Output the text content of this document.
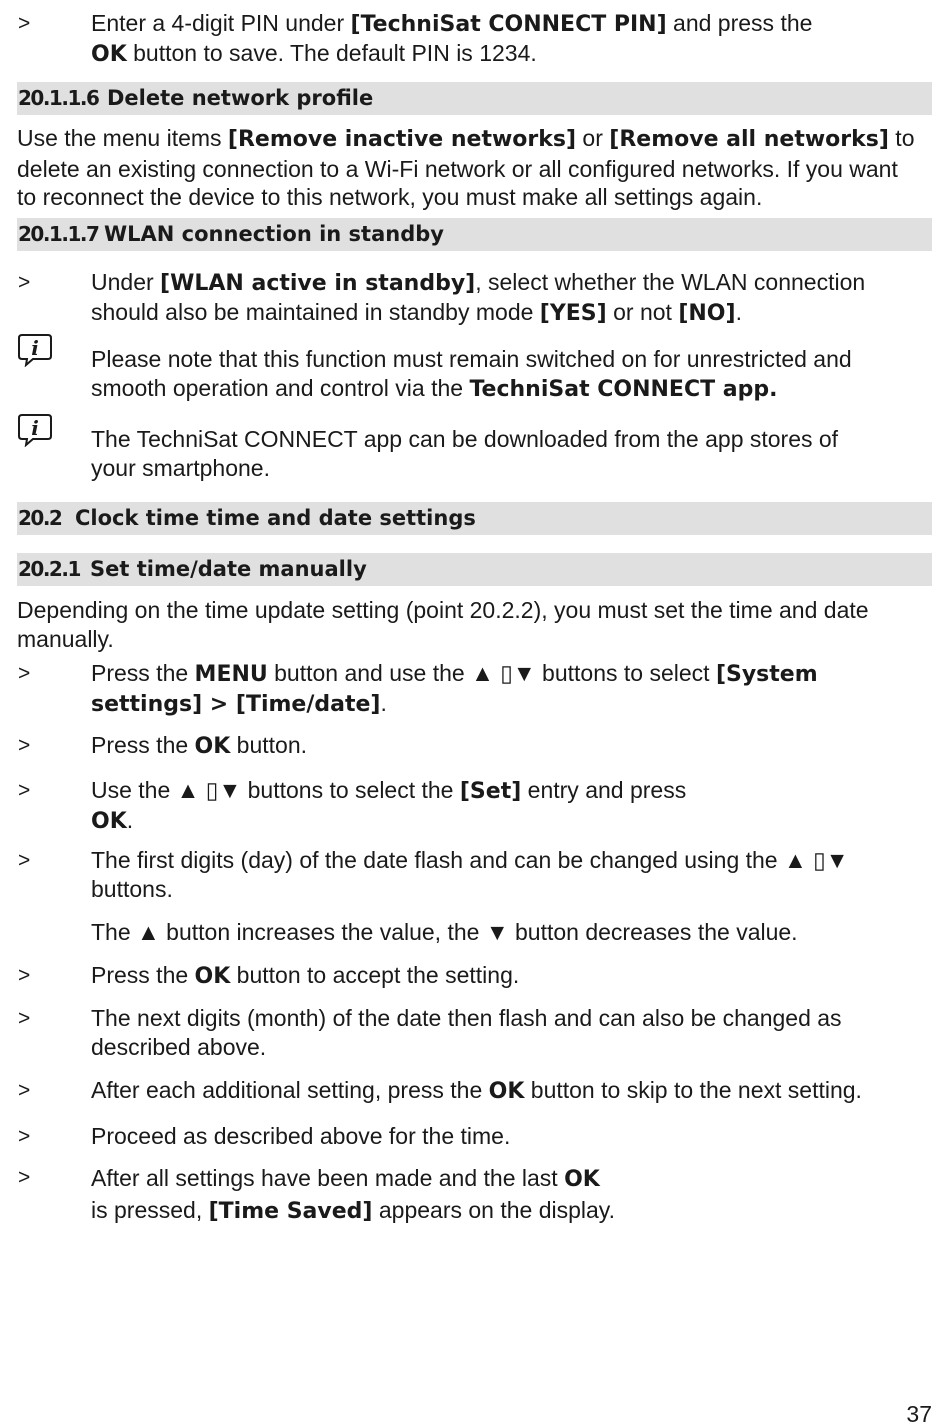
>	Enter a 4-digit PIN under [TechniSat CONNECT PIN] and press the
OK button to save. The default PIN is 1234.
20.1.1.6 Delete network profile
Use the menu items [Remove inactive networks] or [Remove all networks] to delete an existing connection to a Wi-Fi network or all configured networks. If you want to reconnect the device to this network, you must make all settings again.
20.1.1.7 WLAN connection in standby
>	Under [WLAN active in standby], select whether the WLAN connection should also be maintained in standby mode [YES] or not [NO].
i Please note that this function must remain switched on for unrestricted and smooth operation and control via the TechniSat CONNECT app.
i The TechniSat CONNECT app can be downloaded from the app stores of your smartphone.
20.2 Clock time time and date settings
20.2.1 Set time/date manually
Depending on the time update setting (point 20.2.2), you must set the time and date manually.
>	Press the MENU button and use the ▲ ▯▼ buttons to select [System settings] > [Time/date].
>	Press the OK button.
>	Use the ▲ ▯▼ buttons to select the [Set] entry and press
OK.
>	The first digits (day) of the date flash and can be changed using the ▲ ▯▼ buttons.
The ▲ button increases the value, the ▼ button decreases the value.
>	Press the OK button to accept the setting.
>	The next digits (month) of the date then flash and can also be changed as described above.
>	After each additional setting, press the OK button to skip to the next setting.
>	Proceed as described above for the time.
>	After all settings have been made and the last OK
is pressed, [Time Saved] appears on the display.
37
